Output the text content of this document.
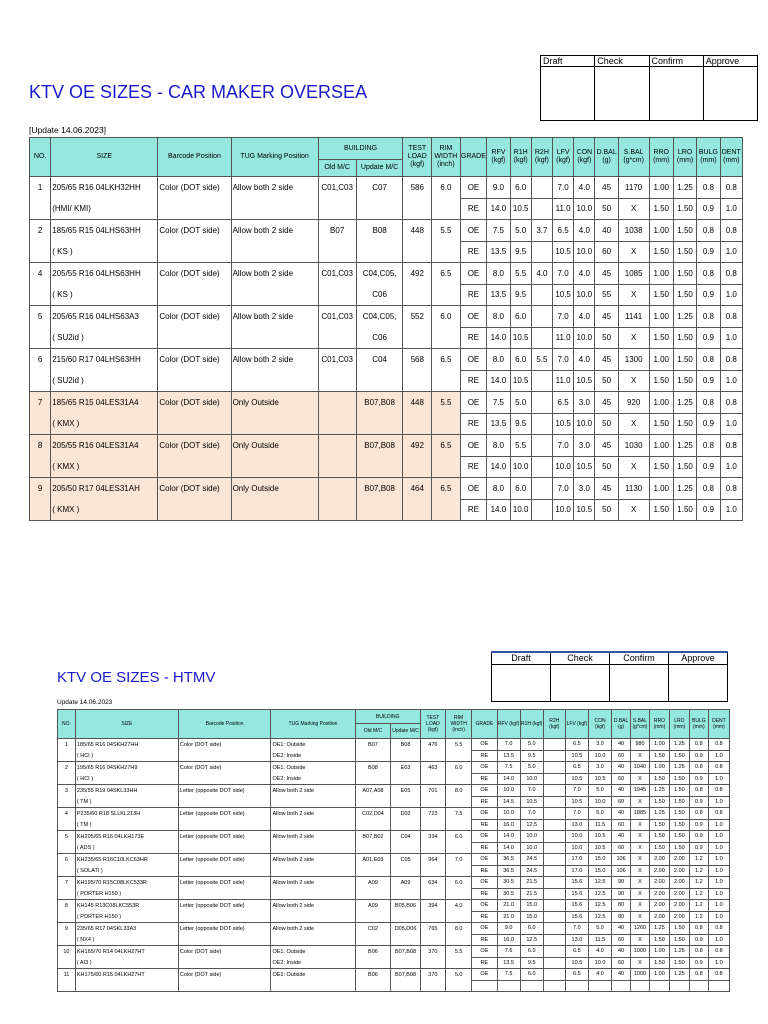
KTV OE SIZES - CAR MAKER OVERSEA
[Update 14.06.2023]
Draft	Check	Confirm	Approve

NO.	SIZE	Barcode Position	TUG Marking Position	BUILDING		TEST LOAD (kgf)	RIM WIDTH (inch)	GRADE	RFV (kgf)	R1H (kgf)	R2H (kgf)	LFV (kgf)	CON (kgf)	D.BAL (g)	S.BAL (g*cm)	RRO (mm)	LRO (mm)	BULG (mm)	DENT (mm)
				Old M/C	Update M/C														
1	205/65 R16 04LKH32HH	Color (DOT side)	Allow both 2 side	C01,C03	C07	586	6.0	OE	9.0	6.0		7.0	4.0	45	1170	1.00	1.25	0.8	0.8
	(HMI/ KMI)							RE	14.0	10.5		11.0	10.0	50	X	1.50	1.50	0.9	1.0
2	185/65 R15 04LHS63HH	Color (DOT side)	Allow both 2 side	B07	B08	448	5.5	OE	7.5	5.0	3.7	6.5	4.0	40	1038	1.00	1.50	0.8	0.8
	( KS )							RE	13.5	9.5		10.5	10.0	60	X	1.50	1.50	0.9	1.0
4	205/55 R16 04LHS63HH	Color (DOT side)	Allow both 2 side	C01,C03	C04,C05,	492	6.5	OE	8.0	5.5	4.0	7.0	4.0	45	1085	1.00	1.50	0.8	0.8
	( KS )				C06			RE	13.5	9.5		10.5	10.0	55	X	1.50	1.50	0.9	1.0
5	205/65 R16 04LHS63A3	Color (DOT side)	Allow both 2 side	C01,C03	C04,C05,	552	6.0	OE	8.0	6.0		7.0	4.0	45	1141	1.00	1.25	0.8	0.8
	( SU2id )				C06			RE	14.0	10.5		11.0	10.0	50	X	1.50	1.50	0.9	1.0
6	215/60 R17 04LHS63HH	Color (DOT side)	Allow both 2 side	C01,C03	C04	568	6.5	OE	8.0	6.0	5.5	7.0	4.0	45	1300	1.00	1.50	0.8	0.8
	( SU2id )							RE	14.0	10.5		11.0	10.5	50	X	1.50	1.50	0.9	1.0
7	185/65 R15 04LES31A4	Color (DOT side)	Only Outside		B07,B08	448	5.5	OE	7.5	5.0		6.5	3.0	45	920	1.00	1.25	0.8	0.8
	( KMX )							RE	13.5	9.5		10.5	10.0	50	X	1.50	1.50	0.9	1.0
8	205/55 R16 04LES31A4	Color (DOT side)	Only Outside		B07,B08	492	6.5	OE	8.0	5.5		7.0	3.0	45	1030	1.00	1.25	0.8	0.8
	( KMX )							RE	14.0	10.0		10.0	10.5	50	X	1.50	1.50	0.9	1.0
9	205/50 R17 04LES31AH	Color (DOT side)	Only Outside		B07,B08	464	6.5	OE	8.0	6.0		7.0	3.0	45	1130	1.00	1.25	0.8	0.8
	( KMX )							RE	14.0	10.0		10.0	10.5	50	X	1.50	1.50	0.9	1.0
KTV OE SIZES - HTMV
Update 14.06.2023
Draft	Check	Confirm	Approve

NO.	SIZE	Barcode Position	TUG Marking Position	BUILDING		TEST LOAD (kgf)	RIM WIDTH (inch)	GRADE	RFV (kgf)	R1H (kgf)	R2H (kgf)	LFV (kgf)	CON (kgf)	D.BAL (g)	S.BAL (g*cm)	RRO (mm)	LRO (mm)	BULG (mm)	DENT (mm)
				Old M/C	Update M/C														
1	185/65 R16 04SKH27HH	Color (DOT side)	OE1: Outside	B07	B08	476	5.5	OE	7.0	5.0		6.5	3.0	40	980	1.00	1.25	0.8	0.8
	( HCI )		OE2: Inside					RE	13.5	9.5		10.5	10.0	60	X	1.50	1.50	0.9	1.0
2	195/65 R16 04SKH27H9	Color (DOT side)	OE1: Outside	B08	E03	463	6.0	OE	7.5	5.0		6.5	3.0	40	1040	1.00	1.25	0.8	0.8
	( HCI )		OE2: Inside					RE	14.0	10.0		10.5	10.5	60	X	1.50	1.50	0.9	1.0
3	235/55 R19 04SKL33HH	Letter (opposite DOT side)	Allow both 2 side	A07,A08	E05	701	8.0	OE	10.0	7.0		7.0	5.0	40	1945	1.25	1.50	0.8	0.8
	( TM )							RE	14.5	10.5		10.5	10.0	60	X	1.50	1.50	0.9	1.0
4	P235/60 R18 SLLKL213H	Letter (opposite DOT side)	Allow both 2 side	C02,D04	D02	723	7.5	OE	10.0	7.0		7.0	5.0	40	1885	1.25	1.50	0.8	0.8
	( TM )							RE	16.0	12.5		13.0	11.5	60	X	1.50	1.50	0.9	1.0
5	KH205/65 R16 04LKH173E	Letter (opposite DOT side)	Allow both 2 side	B07,B02	C04	334	6.0	OE	14.0	10.0		10.0	10.5	40	X	1.50	1.50	0.9	1.0
	( ADS )							RE	14.0	10.0		10.0	10.5	60	X	1.50	1.50	0.9	1.0
6	KH235/65 R16C10LKC63HR	Letter (opposite DOT side)	Allow both 2 side	A01,E03	C05	964	7.0	OE	36.5	24.5		17.0	15.0	106	X	2.00	2.00	1.2	1.0
	( SOLATI )							RE	36.5	24.5		17.0	15.0	106	X	2.00	2.00	1.2	1.0
7	KH195/70 R15C08LKC533R	Letter (opposite DOT side)	Allow both 2 side	A09	A09	634	6.0	OE	30.5	21.5		15.6	12.5	90	X	2.00	2.00	1.2	1.0
	( PORTER H150 )							RE	30.5	21.5		15.6	12.5	90	X	2.00	2.00	1.2	1.0
8	KH145 R13C08LKC553R	Letter (opposite DOT side)	Allow both 2 side	A09	B05,B06	394	4.0	OE	21.0	15.0		15.6	12.5	80	X	2.00	2.00	1.2	1.0
	( PORTER H150 )							RE	21.0	15.0		15.6	12.5	80	X	2.00	2.00	1.2	1.0
9	235/65 R17 04SKL33A3	Letter (opposite DOT side)	Allow both 2 side	C02	D05,D06	765	8.0	OE	9.0	6.0		7.0	5.0	40	1260	1.25	1.50	0.8	0.8
	( NX4 )							RE	16.0	12.5		13.0	11.5	60	X	1.50	1.50	0.9	1.0
10	KH165/70 R14 04LKH27HT	Color (DOT side)	OE1: Outside	B06	B07,B08	370	5.5	OE	7.6	6.0		6.5	4.0	40	1000	1.00	1.25	0.8	0.8
	( AI3 )		OE2: Inside					RE	13.5	9.5		10.5	10.0	60	X	1.50	1.50	0.9	1.0
11	KH175/60 R15 04LKH27HT	Color (DOT side)	OE1: Outside	B06	B07,B08	370	5.0	OE	7.5	6.0		6.5	4.0	40	1000	1.00	1.25	0.8	0.8
